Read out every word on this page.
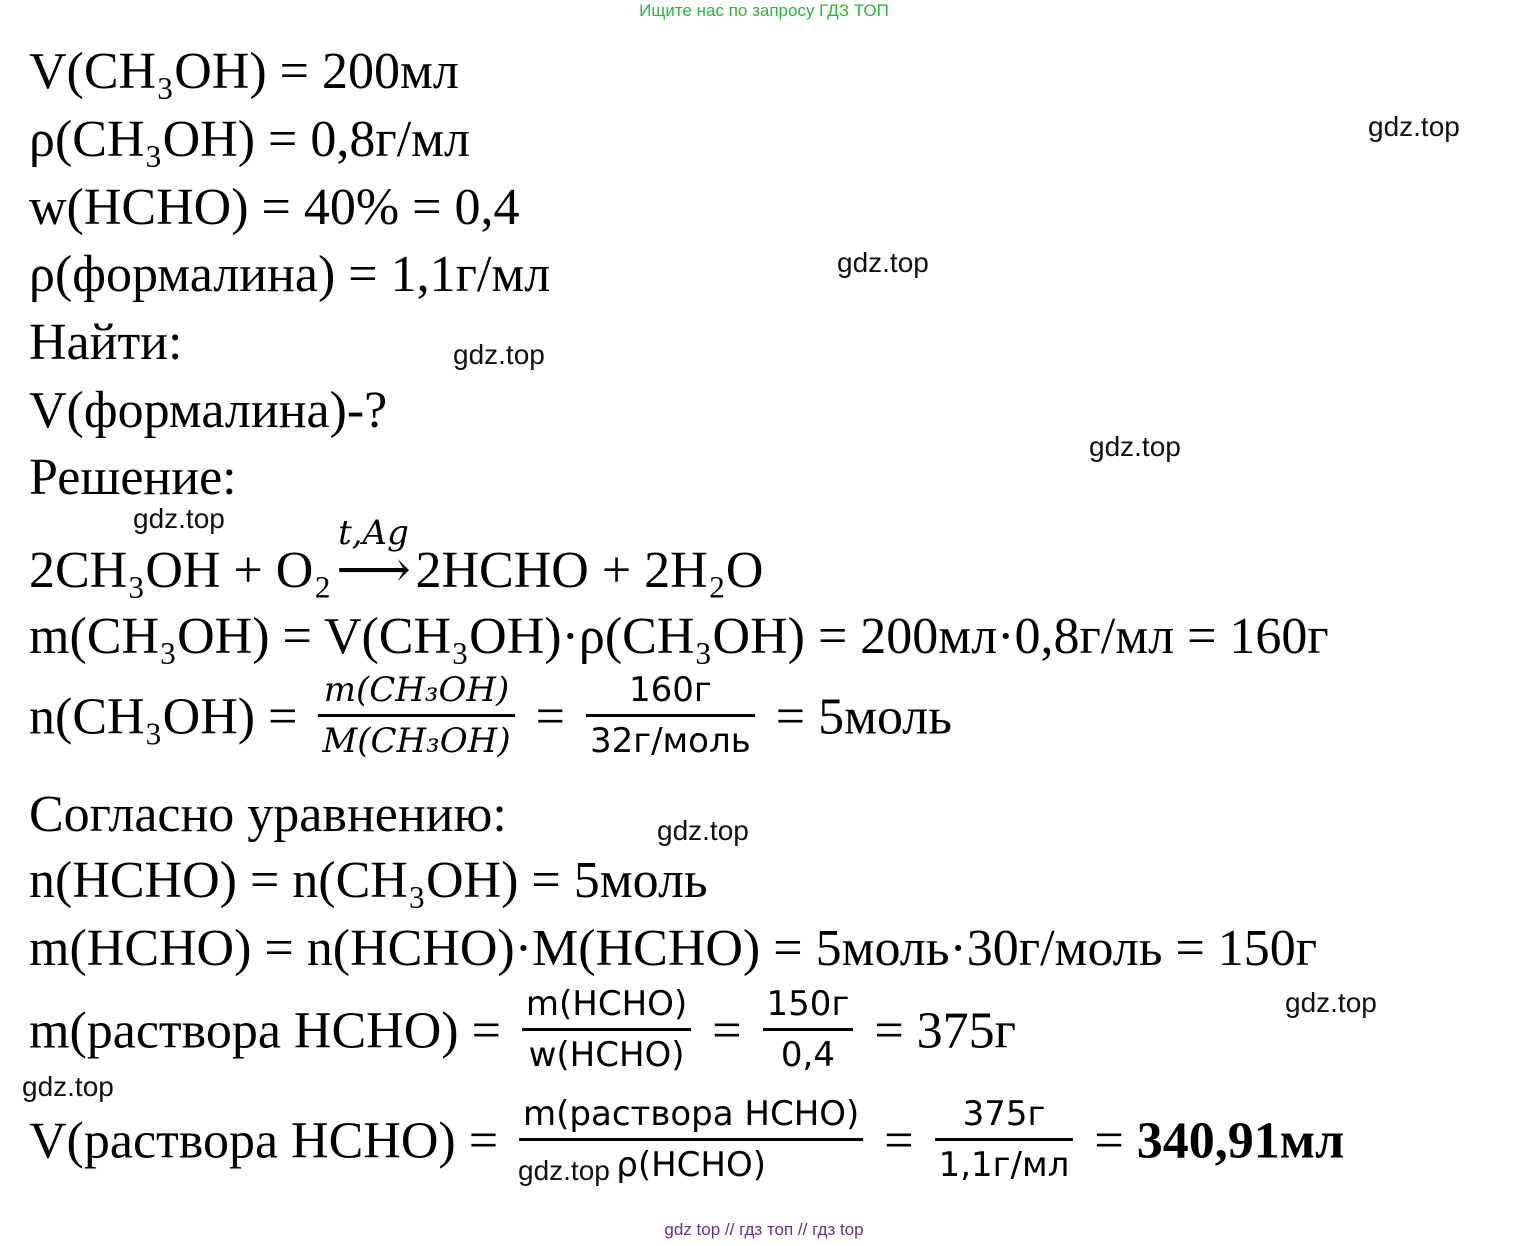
Ищите нас по запросу ГДЗ ТОП
V(CH₃OH) = 200мл
ρ(CH₃OH) = 0,8г/мл
w(HCHO) = 40% = 0,4
ρ(формалина) = 1,1г/мл
Найти:
V(формалина)-?
Решение:
2CH₃OH + O₂
t,Ag
⟶2HCHO + 2H₂O
m(CH₃OH) = V(CH₃OH)·ρ(CH₃OH) = 200мл·0,8г/мл = 160г
$n(CH_3OH) = \frac{\text{m(CH₃OH)}}{\text{M(CH₃OH)}} = \frac{160г}{\text{32г/моль}}$ = 5моль
Согласно уравнению:
n(HCHO) = n(CH₃OH) = 5моль
m(HCHO) = n(HCHO)·M(HCHO) = 5моль·30г/моль = 150г
m(раствора HCHO) = $\frac{\text{m(HCHO)}}{\text{w(HCHO)}} = \frac{150г}{0,4} = 375г$
V(раствора HCHO) = $\frac{\text{m(раствора HCHO)}}{\text{ρ(HCHO)}} = \frac{375г}{1,1г/мл} = 340,91мл$
gdz.top
gdz.top
gdz.top
gdz.top
gdz.top
gdz.top
gdz.top
gdz.top
gdz.top
gdz top // гдз топ // гдз top
